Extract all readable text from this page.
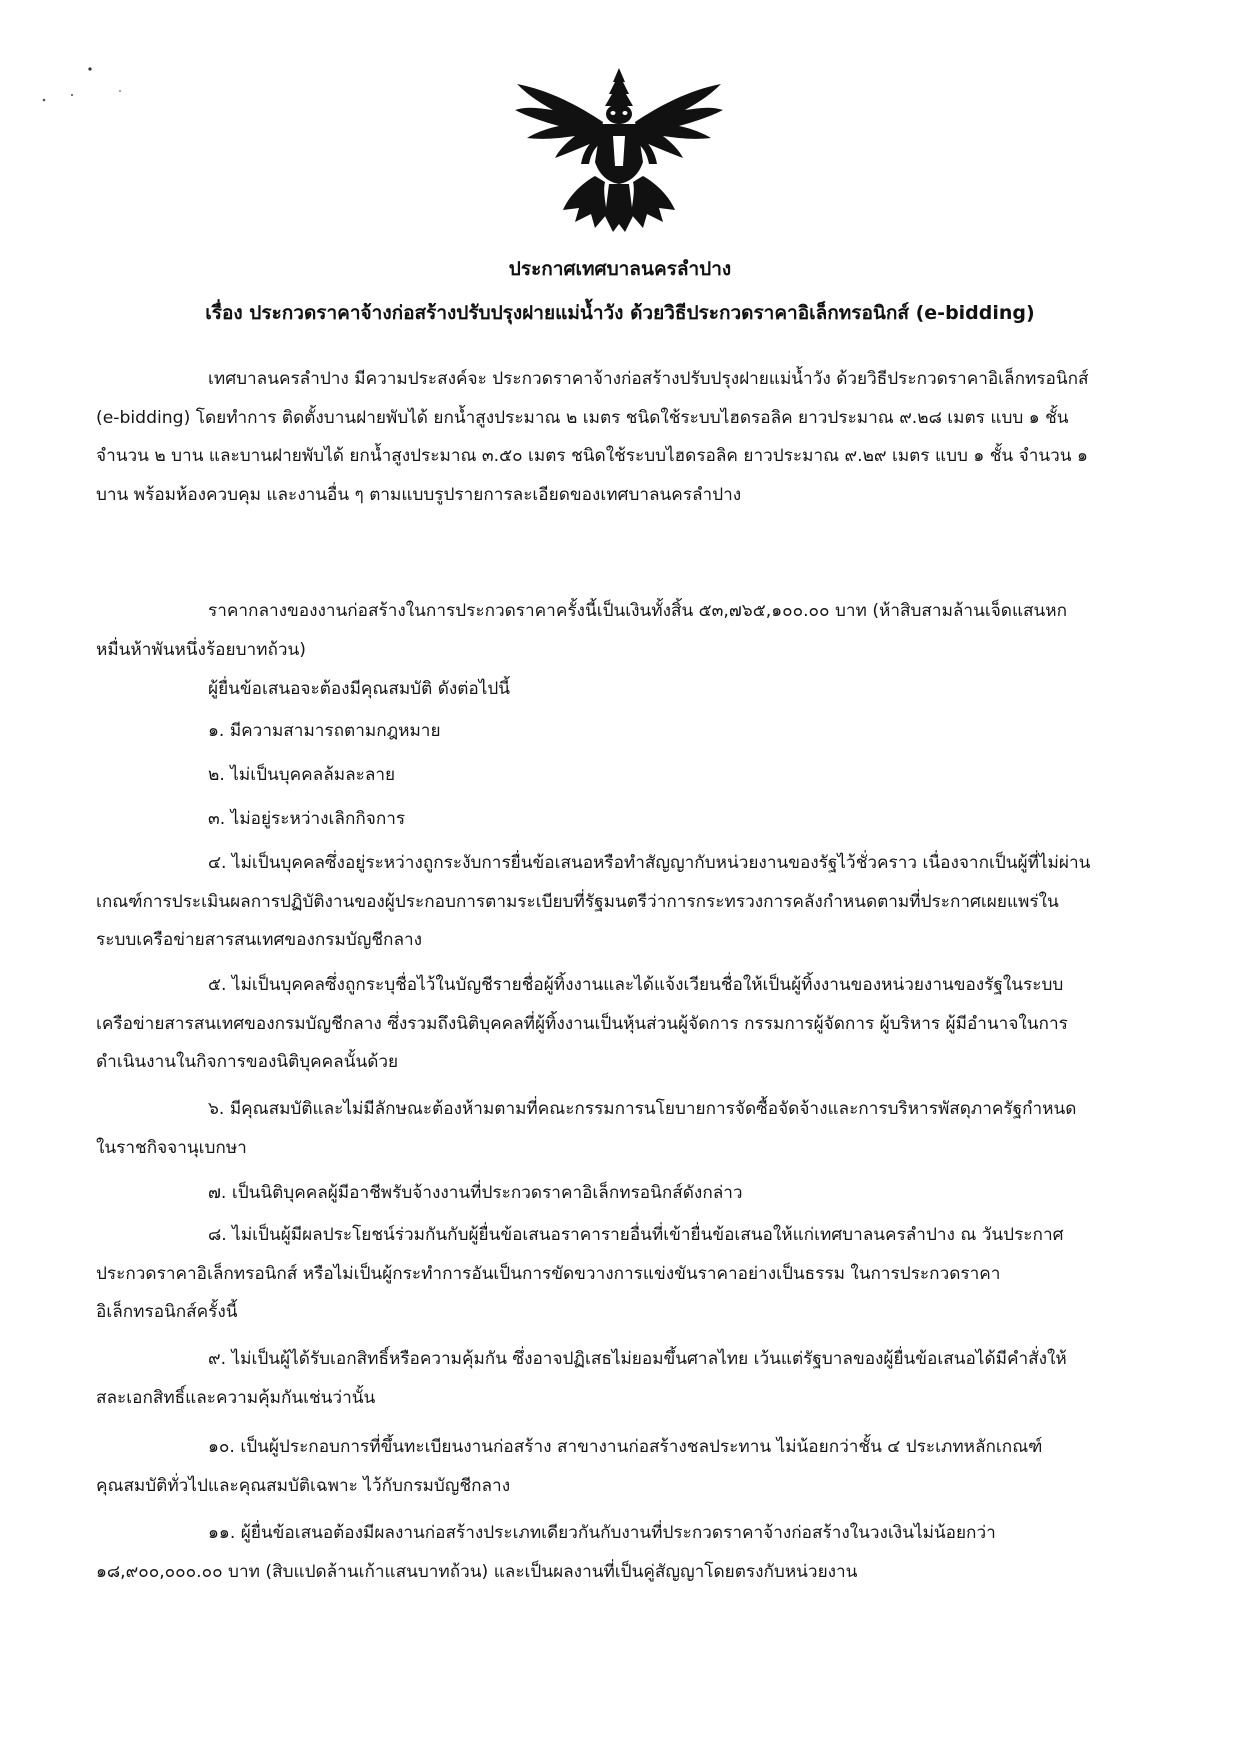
ประกาศเทศบาลนครลำปาง
เรื่อง ประกวดราคาจ้างก่อสร้างปรับปรุงฝายแม่น้ำวัง ด้วยวิธีประกวดราคาอิเล็กทรอนิกส์ (e-bidding)

เทศบาลนครลำปาง มีความประสงค์จะ ประกวดราคาจ้างก่อสร้างปรับปรุงฝายแม่น้ำวัง ด้วยวิธีประกวดราคาอิเล็กทรอนิกส์ (e-bidding) โดยทำการ ติดตั้งบานฝายพับได้ ยกน้ำสูงประมาณ ๒ เมตร ชนิดใช้ระบบไฮดรอลิค ยาวประมาณ ๙.๒๘ เมตร แบบ ๑ ชั้น จำนวน ๒ บาน และบานฝายพับได้ ยกน้ำสูงประมาณ ๓.๕๐ เมตร ชนิดใช้ระบบไฮดรอลิค ยาวประมาณ ๙.๒๙ เมตร แบบ ๑ ชั้น จำนวน ๑ บาน พร้อมห้องควบคุม และงานอื่น ๆ ตามแบบรูปรายการละเอียดของเทศบาลนครลำปาง

ราคากลางของงานก่อสร้างในการประกวดราคาครั้งนี้เป็นเงินทั้งสิ้น ๕๓,๗๖๕,๑๐๐.๐๐ บาท (ห้าสิบสามล้านเจ็ดแสนหกหมื่นห้าพันหนึ่งร้อยบาทถ้วน)

ผู้ยื่นข้อเสนอจะต้องมีคุณสมบัติ ดังต่อไปนี้

๑. มีความสามารถตามกฎหมาย

๒. ไม่เป็นบุคคลล้มละลาย

๓. ไม่อยู่ระหว่างเลิกกิจการ

๔. ไม่เป็นบุคคลซึ่งอยู่ระหว่างถูกระงับการยื่นข้อเสนอหรือทำสัญญากับหน่วยงานของรัฐไว้ชั่วคราว เนื่องจากเป็นผู้ที่ไม่ผ่านเกณฑ์การประเมินผลการปฏิบัติงานของผู้ประกอบการตามระเบียบที่รัฐมนตรีว่าการกระทรวงการคลังกำหนดตามที่ประกาศเผยแพร่ในระบบเครือข่ายสารสนเทศของกรมบัญชีกลาง

๕. ไม่เป็นบุคคลซึ่งถูกระบุชื่อไว้ในบัญชีรายชื่อผู้ทิ้งงานและได้แจ้งเวียนชื่อให้เป็นผู้ทิ้งงานของหน่วยงานของรัฐในระบบเครือข่ายสารสนเทศของกรมบัญชีกลาง ซึ่งรวมถึงนิติบุคคลที่ผู้ทิ้งงานเป็นหุ้นส่วนผู้จัดการ กรรมการผู้จัดการ ผู้บริหาร ผู้มีอำนาจในการดำเนินงานในกิจการของนิติบุคคลนั้นด้วย

๖. มีคุณสมบัติและไม่มีลักษณะต้องห้ามตามที่คณะกรรมการนโยบายการจัดซื้อจัดจ้างและการบริหารพัสดุภาครัฐกำหนดในราชกิจจานุเบกษา

๗. เป็นนิติบุคคลผู้มีอาชีพรับจ้างงานที่ประกวดราคาอิเล็กทรอนิกส์ดังกล่าว

๘. ไม่เป็นผู้มีผลประโยชน์ร่วมกันกับผู้ยื่นข้อเสนอราคารายอื่นที่เข้ายื่นข้อเสนอให้แก่เทศบาลนครลำปาง ณ วันประกาศประกวดราคาอิเล็กทรอนิกส์ หรือไม่เป็นผู้กระทำการอันเป็นการขัดขวางการแข่งขันราคาอย่างเป็นธรรม ในการประกวดราคาอิเล็กทรอนิกส์ครั้งนี้

๙. ไม่เป็นผู้ได้รับเอกสิทธิ์หรือความคุ้มกัน ซึ่งอาจปฏิเสธไม่ยอมขึ้นศาลไทย เว้นแต่รัฐบาลของผู้ยื่นข้อเสนอได้มีคำสั่งให้สละเอกสิทธิ์และความคุ้มกันเช่นว่านั้น

๑๐. เป็นผู้ประกอบการที่ขึ้นทะเบียนงานก่อสร้าง สาขางานก่อสร้างชลประทาน ไม่น้อยกว่าชั้น ๔ ประเภทหลักเกณฑ์คุณสมบัติทั่วไปและคุณสมบัติเฉพาะ ไว้กับกรมบัญชีกลาง

๑๑. ผู้ยื่นข้อเสนอต้องมีผลงานก่อสร้างประเภทเดียวกันกับงานที่ประกวดราคาจ้างก่อสร้างในวงเงินไม่น้อยกว่า ๑๘,๙๐๐,๐๐๐.๐๐ บาท (สิบแปดล้านเก้าแสนบาทถ้วน) และเป็นผลงานที่เป็นคู่สัญญาโดยตรงกับหน่วยงาน
